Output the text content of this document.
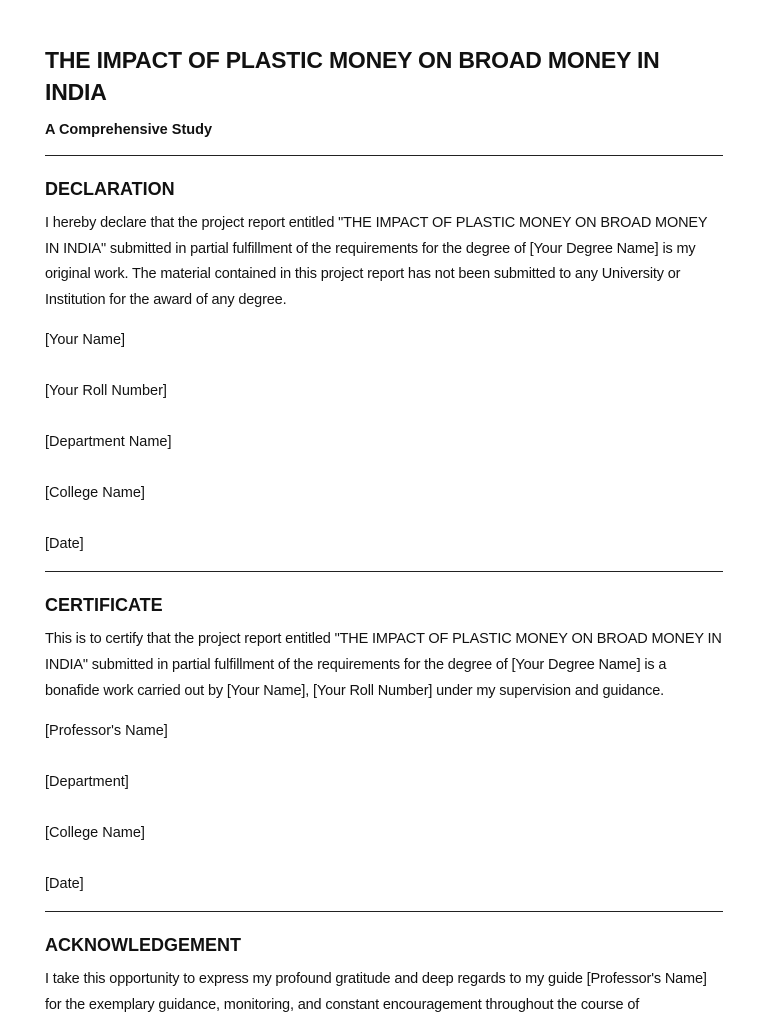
THE IMPACT OF PLASTIC MONEY ON BROAD MONEY IN INDIA

A Comprehensive Study

DECLARATION

I hereby declare that the project report entitled "THE IMPACT OF PLASTIC MONEY ON BROAD MONEY IN INDIA" submitted in partial fulfillment of the requirements for the degree of [Your Degree Name] is my original work. The material contained in this project report has not been submitted to any University or Institution for the award of any degree.

[Your Name]

[Your Roll Number]

[Department Name]

[College Name]

[Date]

CERTIFICATE

This is to certify that the project report entitled "THE IMPACT OF PLASTIC MONEY ON BROAD MONEY IN INDIA" submitted in partial fulfillment of the requirements for the degree of [Your Degree Name] is a bonafide work carried out by [Your Name], [Your Roll Number] under my supervision and guidance.

[Professor's Name]

[Department]

[College Name]

[Date]

ACKNOWLEDGEMENT

I take this opportunity to express my profound gratitude and deep regards to my guide [Professor's Name] for the exemplary guidance, monitoring, and constant encouragement throughout the course of
